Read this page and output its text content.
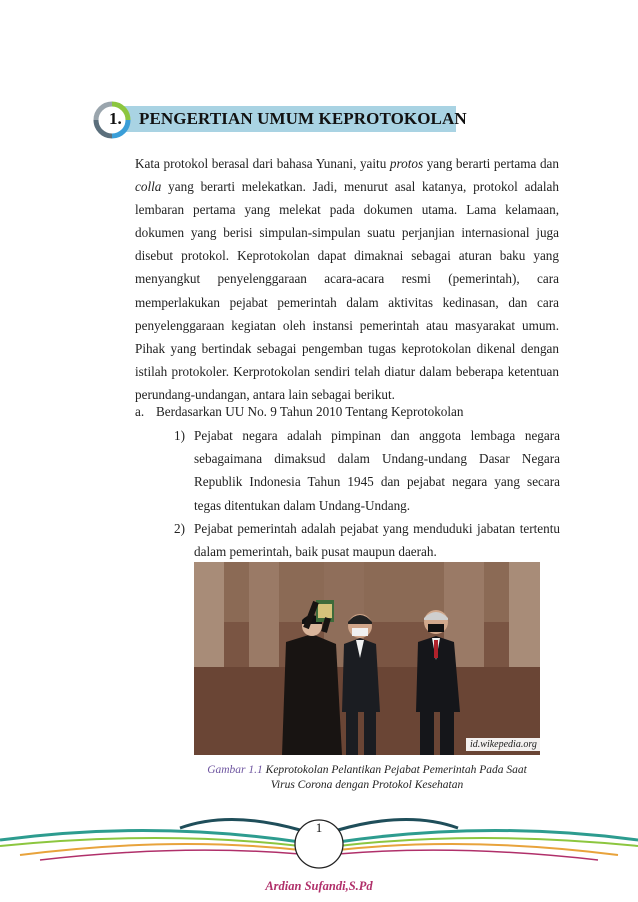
1. PENGERTIAN UMUM KEPROTOKOLAN

Kata protokol berasal dari bahasa Yunani, yaitu protos yang berarti pertama dan colla yang berarti melekatkan. Jadi, menurut asal katanya, protokol adalah lembaran pertama yang melekat pada dokumen utama. Lama kelamaan, dokumen yang berisi simpulan-simpulan suatu perjanjian internasional juga disebut protokol. Keprotokolan dapat dimaknai sebagai aturan baku yang menyangkut penyelenggaraan acara-acara resmi (pemerintah), cara memperlakukan pejabat pemerintah dalam aktivitas kedinasan, dan cara penyelenggaraan kegiatan oleh instansi pemerintah atau masyarakat umum. Pihak yang bertindak sebagai pengemban tugas keprotokolan dikenal dengan istilah protokoler. Kerprotokolan sendiri telah diatur dalam beberapa ketentuan perundang-undangan, antara lain sebagai berikut.

a. Berdasarkan UU No. 9 Tahun 2010 Tentang Keprotokolan
1) Pejabat negara adalah pimpinan dan anggota lembaga negara sebagaimana dimaksud dalam Undang-undang Dasar Negara Republik Indonesia Tahun 1945 dan pejabat negara yang secara tegas ditentukan dalam Undang-Undang.

2) Pejabat pemerintah adalah pejabat yang menduduki jabatan tertentu dalam pemerintah, baik pusat maupun daerah.

id.wikepedia.org
Gambar 1.1 Keprotokolan Pelantikan Pejabat Pemerintah Pada Saat Virus Corona dengan Protokol Kesehatan
1
Ardian Sufandi,S.Pd
